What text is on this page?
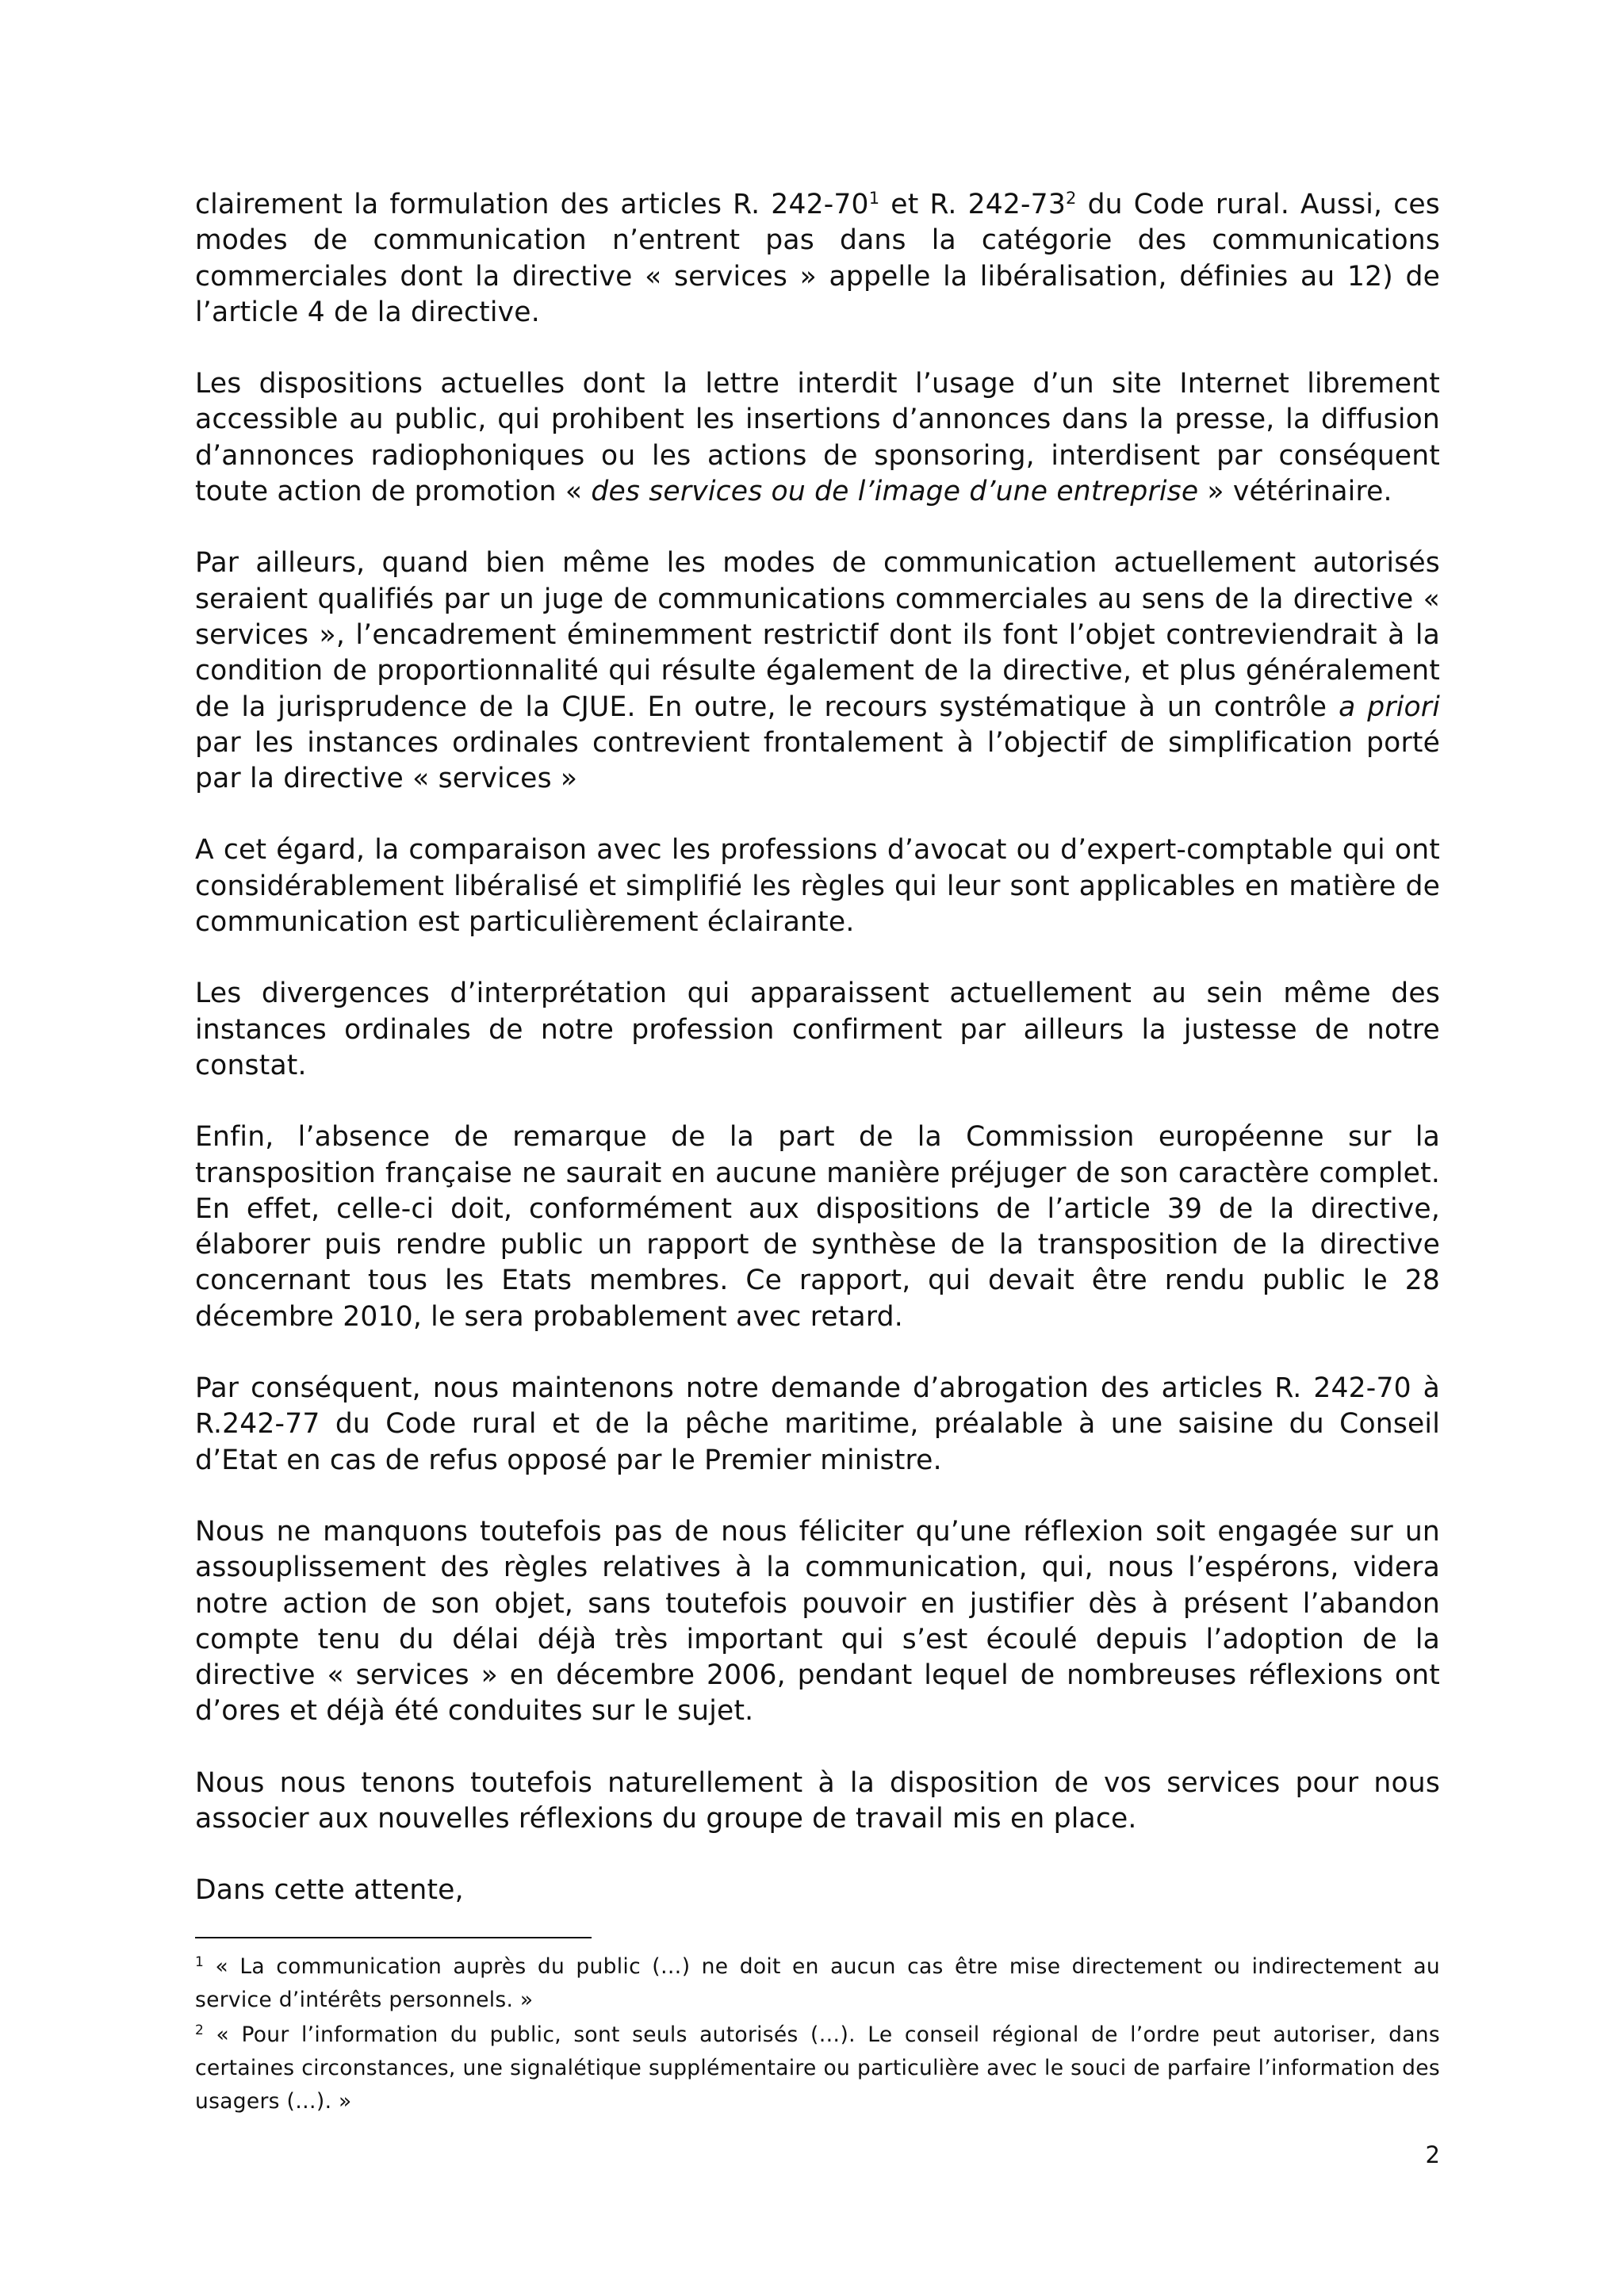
clairement la formulation des articles R. $242-70^1$ et R. $242-73^2$ du Code rural. Aussi, ces modes de communication n’entrent pas dans la catégorie des communications commerciales dont la directive « services » appelle la libéralisation, définies au 12) de l’article 4 de la directive.

Les dispositions actuelles dont la lettre interdit l’usage d’un site Internet librement accessible au public, qui prohibent les insertions d’annonces dans la presse, la diffusion d’annonces radiophoniques ou les actions de sponsoring, interdisent par conséquent toute action de promotion « des services ou de l’image d’une entreprise » vétérinaire.

Par ailleurs, quand bien même les modes de communication actuellement autorisés seraient qualifiés par un juge de communications commerciales au sens de la directive « services », l’encadrement éminemment restrictif dont ils font l’objet contreviendrait à la condition de proportionnalité qui résulte également de la directive, et plus généralement de la jurisprudence de la CJUE. En outre, le recours systématique à un contrôle a priori par les instances ordinales contrevient frontalement à l’objectif de simplification porté par la directive « services »

A cet égard, la comparaison avec les professions d’avocat ou d’expert-comptable qui ont considérablement libéralisé et simplifié les règles qui leur sont applicables en matière de communication est particulièrement éclairante.

Les divergences d’interprétation qui apparaissent actuellement au sein même des instances ordinales de notre profession confirment par ailleurs la justesse de notre constat.

Enfin, l’absence de remarque de la part de la Commission européenne sur la transposition française ne saurait en aucune manière préjuger de son caractère complet. En effet, celle-ci doit, conformément aux dispositions de l’article 39 de la directive, élaborer puis rendre public un rapport de synthèse de la transposition de la directive concernant tous les Etats membres. Ce rapport, qui devait être rendu public le 28 décembre 2010, le sera probablement avec retard.

Par conséquent, nous maintenons notre demande d’abrogation des articles R. 242-70 à R.242-77 du Code rural et de la pêche maritime, préalable à une saisine du Conseil d’Etat en cas de refus opposé par le Premier ministre.

Nous ne manquons toutefois pas de nous féliciter qu’une réflexion soit engagée sur un assouplissement des règles relatives à la communication, qui, nous l’espérons, videra notre action de son objet, sans toutefois pouvoir en justifier dès à présent l’abandon compte tenu du délai déjà très important qui s’est écoulé depuis l’adoption de la directive « services » en décembre 2006, pendant lequel de nombreuses réflexions ont d’ores et déjà été conduites sur le sujet.

Nous nous tenons toutefois naturellement à la disposition de vos services pour nous associer aux nouvelles réflexions du groupe de travail mis en place.

Dans cette attente,

$^1$ « La communication auprès du public (…) ne doit en aucun cas être mise directement ou indirectement au service d’intérêts personnels. »

$^2$ « Pour l’information du public, sont seuls autorisés (…). Le conseil régional de l’ordre peut autoriser, dans certaines circonstances, une signalétique supplémentaire ou particulière avec le souci de parfaire l’information des usagers (…). »

2
